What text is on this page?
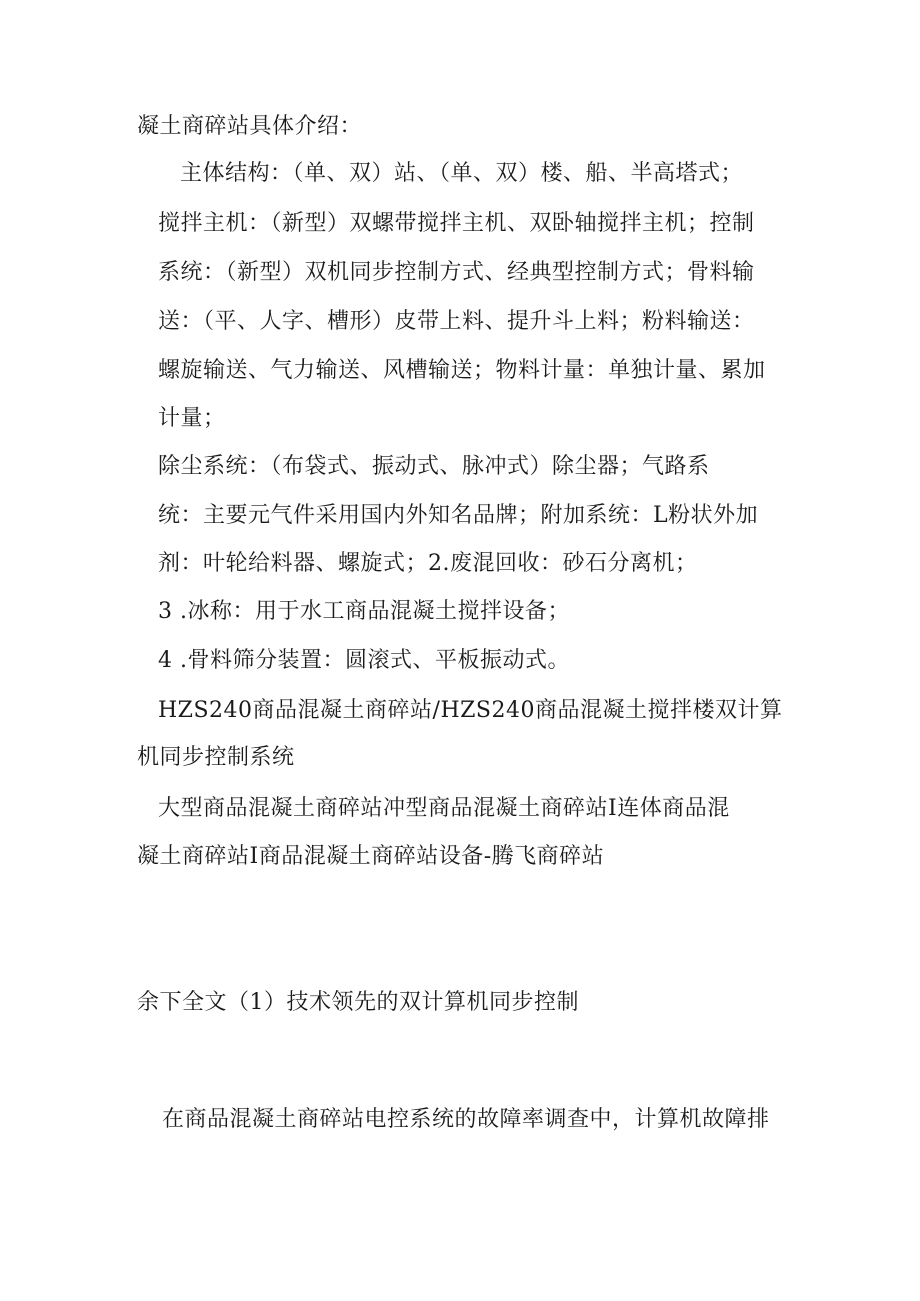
凝土商碎站具体介绍：
主体结构：（单、双）站、（单、双）楼、船、半高塔式；
搅拌主机：（新型）双螺带搅拌主机、双卧轴搅拌主机；控制
系统：（新型）双机同步控制方式、经典型控制方式；骨料输
送：（平、人字、槽形）皮带上料、提升斗上料；粉料输送：
螺旋输送、气力输送、风槽输送；物料计量：单独计量、累加
计量；
除尘系统：（布袋式、振动式、脉冲式）除尘器；气路系
统：主要元气件采用国内外知名品牌；附加系统：L粉状外加
剂：叶轮给料器、螺旋式；2.废混回收：砂石分离机；
3 .冰称：用于水工商品混凝土搅拌设备；
4 .骨料筛分装置：圆滚式、平板振动式。
HZS240商品混凝土商碎站/HZS240商品混凝土搅拌楼双计算
机同步控制系统
大型商品混凝土商碎站冲型商品混凝土商碎站I连体商品混
凝土商碎站I商品混凝土商碎站设备-腾飞商碎站
余下全文（1）技术领先的双计算机同步控制
在商品混凝土商碎站电控系统的故障率调查中，计算机故障排
